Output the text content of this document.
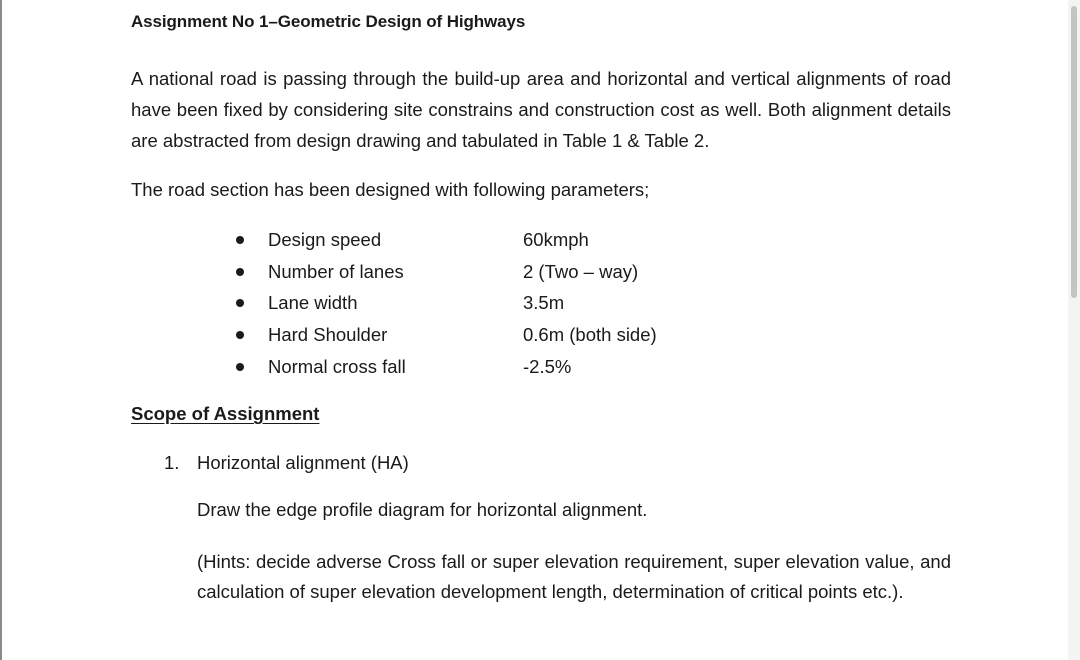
Assignment No 1–Geometric Design of Highways
A national road is passing through the build-up area and horizontal and vertical alignments of road have been fixed by considering site constrains and construction cost as well. Both alignment details are abstracted from design drawing and tabulated in Table 1 & Table 2.
The road section has been designed with following parameters;
Design speed	60kmph
Number of lanes	2 (Two – way)
Lane width	3.5m
Hard Shoulder	0.6m (both side)
Normal cross fall	-2.5%
Scope of Assignment
1. Horizontal alignment (HA)
Draw the edge profile diagram for horizontal alignment.
(Hints: decide adverse Cross fall or super elevation requirement, super elevation value, and calculation of super elevation development length, determination of critical points etc.).
